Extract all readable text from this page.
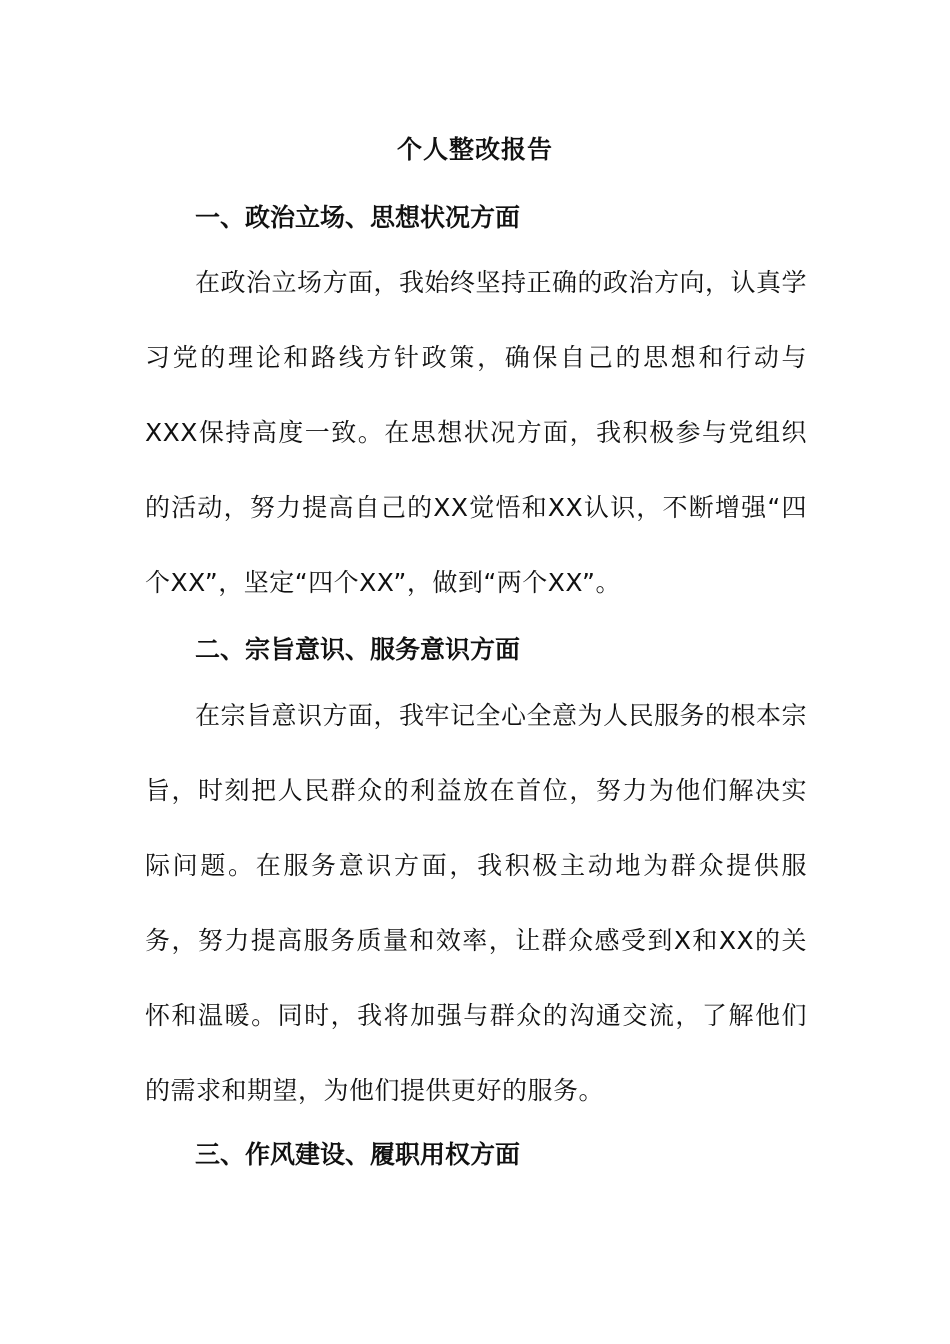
个人整改报告
一、政治立场、思想状况方面

在政治立场方面，我始终坚持正确的政治方向，认真学习党的理论和路线方针政策，确保自己的思想和行动与XXX保持高度一致。在思想状况方面，我积极参与党组织的活动，努力提高自己的XX觉悟和XX认识，不断增强“四个XX”，坚定“四个XX”，做到“两个XX”。

二、宗旨意识、服务意识方面

在宗旨意识方面，我牢记全心全意为人民服务的根本宗旨，时刻把人民群众的利益放在首位，努力为他们解决实际问题。在服务意识方面，我积极主动地为群众提供服务，努力提高服务质量和效率，让群众感受到X和XX的关怀和温暖。同时，我将加强与群众的沟通交流，了解他们的需求和期望，为他们提供更好的服务。

三、作风建设、履职用权方面
